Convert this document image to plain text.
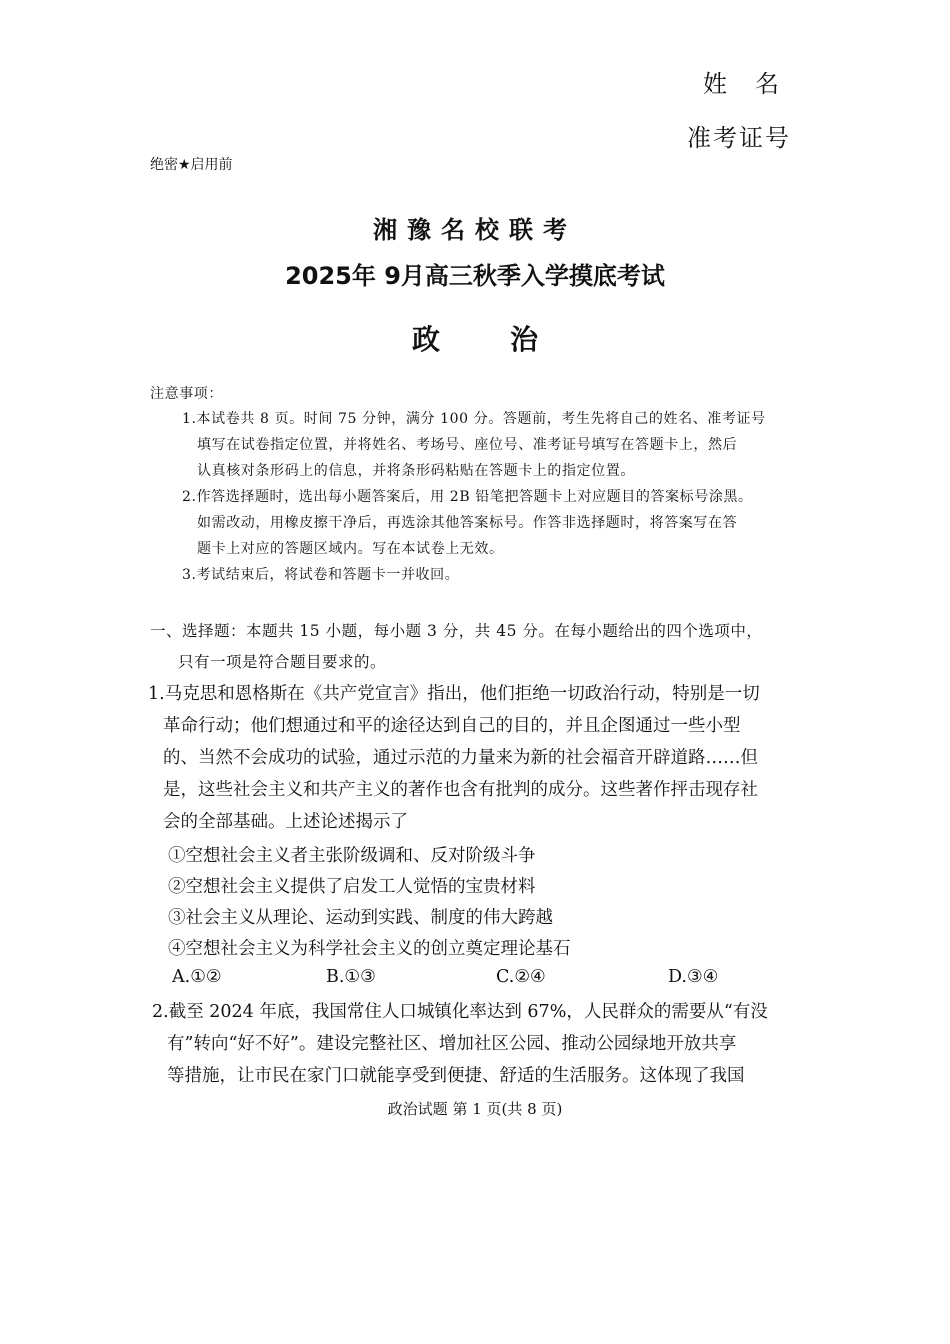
姓　名
准考证号
绝密★启用前
湘豫名校联考
2025年 9月高三秋季入学摸底考试
政治
注意事项：
1.本试卷共 8 页。时间 75 分钟，满分 100 分。答题前，考生先将自己的姓名、准考证号
填写在试卷指定位置，并将姓名、考场号、座位号、准考证号填写在答题卡上，然后
认真核对条形码上的信息，并将条形码粘贴在答题卡上的指定位置。
2.作答选择题时，选出每小题答案后，用 2B 铅笔把答题卡上对应题目的答案标号涂黑。
如需改动，用橡皮擦干净后，再选涂其他答案标号。作答非选择题时，将答案写在答
题卡上对应的答题区域内。写在本试卷上无效。
3.考试结束后，将试卷和答题卡一并收回。
一、选择题：本题共 15 小题，每小题 3 分，共 45 分。在每小题给出的四个选项中，
只有一项是符合题目要求的。
1.马克思和恩格斯在《共产党宣言》指出，他们拒绝一切政治行动，特别是一切
革命行动；他们想通过和平的途径达到自己的目的，并且企图通过一些小型
的、当然不会成功的试验，通过示范的力量来为新的社会福音开辟道路……但
是，这些社会主义和共产主义的著作也含有批判的成分。这些著作抨击现存社
会的全部基础。上述论述揭示了
①空想社会主义者主张阶级调和、反对阶级斗争
②空想社会主义提供了启发工人觉悟的宝贵材料
③社会主义从理论、运动到实践、制度的伟大跨越
④空想社会主义为科学社会主义的创立奠定理论基石
A.①②	B.①③	C.②④	D.③④
2.截至 2024 年底，我国常住人口城镇化率达到 67%，人民群众的需要从“有没
有”转向“好不好”。建设完整社区、增加社区公园、推动公园绿地开放共享
等措施，让市民在家门口就能享受到便捷、舒适的生活服务。这体现了我国
政治试题 第 1 页(共 8 页)
